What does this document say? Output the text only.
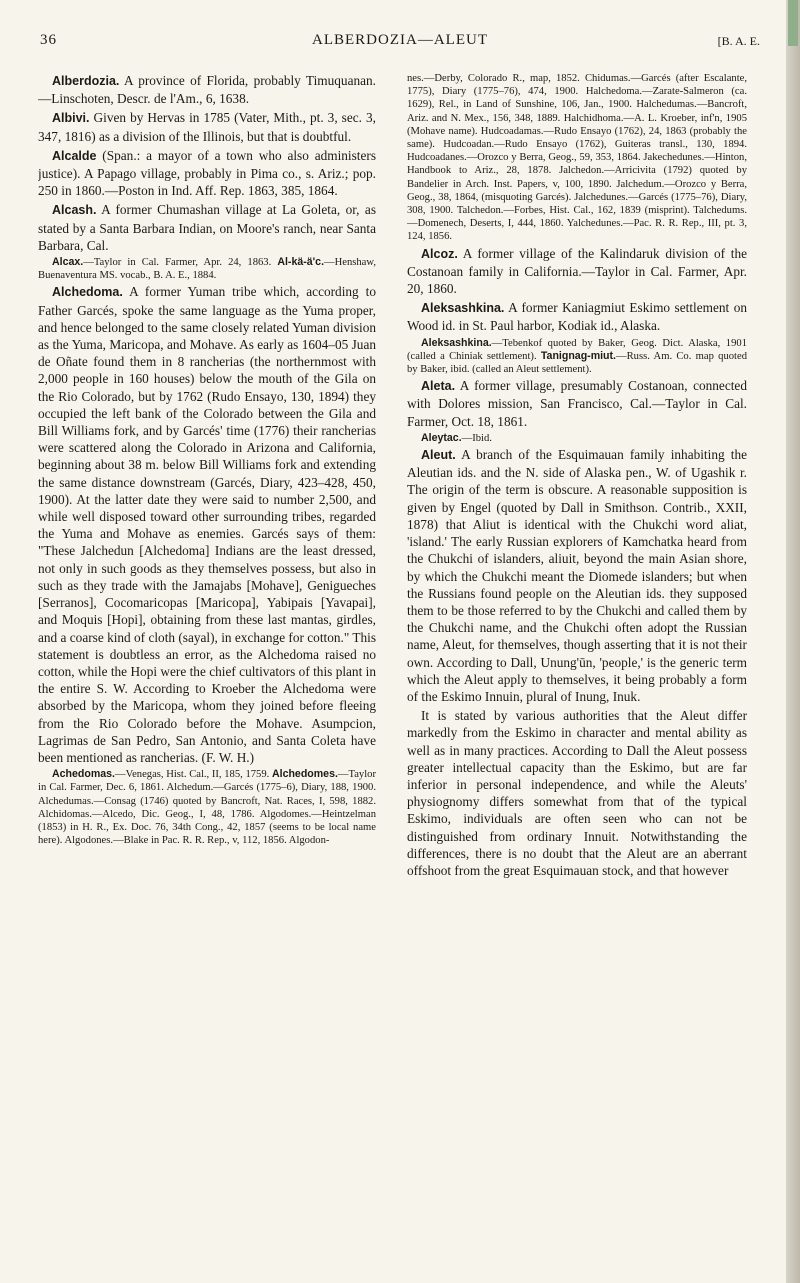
36	ALBERDOZIA—ALEUT	[B. A. E.

Alberdozia. A province of Florida, probably Timuquanan.—Linschoten, Descr. de l'Am., 6, 1638.

Albivi. Given by Hervas in 1785 (Vater, Mith., pt. 3, sec. 3, 347, 1816) as a division of the Illinois, but that is doubtful.

Alcalde (Span.: a mayor of a town who also administers justice). A Papago village, probably in Pima co., s. Ariz.; pop. 250 in 1860.—Poston in Ind. Aff. Rep. 1863, 385, 1864.

Alcash. A former Chumashan village at La Goleta, or, as stated by a Santa Barbara Indian, on Moore's ranch, near Santa Barbara, Cal.

Alcax.—Taylor in Cal. Farmer, Apr. 24, 1863. Al-kä-ä'c.—Henshaw, Buenaventura MS. vocab., B. A. E., 1884.

Alchedoma. A former Yuman tribe which, according to Father Garcés, spoke the same language as the Yuma proper, and hence belonged to the same closely related Yuman division as the Yuma, Maricopa, and Mohave. As early as 1604–05 Juan de Oñate found them in 8 rancherias (the northernmost with 2,000 people in 160 houses) below the mouth of the Gila on the Rio Colorado, but by 1762 (Rudo Ensayo, 130, 1894) they occupied the left bank of the Colorado between the Gila and Bill Williams fork, and by Garcés' time (1776) their rancherias were scattered along the Colorado in Arizona and California, beginning about 38 m. below Bill Williams fork and extending the same distance downstream (Garcés, Diary, 423–428, 450, 1900). At the latter date they were said to number 2,500, and while well disposed toward other surrounding tribes, regarded the Yuma and Mohave as enemies. Garcés says of them: "These Jalchedun [Alchedoma] Indians are the least dressed, not only in such goods as they themselves possess, but also in such as they trade with the Jamajabs [Mohave], Genigueches [Serranos], Cocomaricopas [Maricopa], Yabipais [Yavapai], and Moquis [Hopi], obtaining from these last mantas, girdles, and a coarse kind of cloth (sayal), in exchange for cotton." This statement is doubtless an error, as the Alchedoma raised no cotton, while the Hopi were the chief cultivators of this plant in the entire S. W. According to Kroeber the Alchedoma were absorbed by the Maricopa, whom they joined before fleeing from the Rio Colorado before the Mohave. Asumpcion, Lagrimas de San Pedro, San Antonio, and Santa Coleta have been mentioned as rancherias. (F. W. H.)

Achedomas.—Venegas, Hist. Cal., II, 185, 1759. Alchedomes.—Taylor in Cal. Farmer, Dec. 6, 1861. Alchedum.—Garcés (1775–6), Diary, 188, 1900. Alchedumas.—Consag (1746) quoted by Bancroft, Nat. Races, I, 598, 1882. Alchidomas.—Alcedo, Dic. Geog., I, 48, 1786. Algodomes.—Heintzelman (1853) in H. R., Ex. Doc. 76, 34th Cong., 42, 1857 (seems to be local name here). Algodones.—Blake in Pac. R. R. Rep., v, 112, 1856. Algodon-

nes.—Derby, Colorado R., map, 1852. Chidumas.—Garcés (after Escalante, 1775), Diary (1775–76), 474, 1900. Halchedoma.—Zarate-Salmeron (ca. 1629), Rel., in Land of Sunshine, 106, Jan., 1900. Halchedumas.—Bancroft, Ariz. and N. Mex., 156, 348, 1889. Halchidhoma.—A. L. Kroeber, inf'n, 1905 (Mohave name). Hudcoadamas.—Rudo Ensayo (1762), 24, 1863 (probably the same). Hudcoadan.—Rudo Ensayo (1762), Guiteras transl., 130, 1894. Hudcoadanes.—Orozco y Berra, Geog., 59, 353, 1864. Jakechedunes.—Hinton, Handbook to Ariz., 28, 1878. Jalchedon.—Arricivita (1792) quoted by Bandelier in Arch. Inst. Papers, v, 100, 1890. Jalchedum.—Orozco y Berra, Geog., 38, 1864, (misquoting Garcés). Jalchedunes.—Garcés (1775–76), Diary, 308, 1900. Talchedon.—Forbes, Hist. Cal., 162, 1839 (misprint). Talchedums.—Domenech, Deserts, I, 444, 1860. Yalchedunes.—Pac. R. R. Rep., III, pt. 3, 124, 1856.

Alcoz. A former village of the Kalindaruk division of the Costanoan family in California.—Taylor in Cal. Farmer, Apr. 20, 1860.

Aleksashkina. A former Kaniagmiut Eskimo settlement on Wood id. in St. Paul harbor, Kodiak id., Alaska.

Aleksashkina.—Tebenkof quoted by Baker, Geog. Dict. Alaska, 1901 (called a Chiniak settlement). Tanignag-miut.—Russ. Am. Co. map quoted by Baker, ibid. (called an Aleut settlement).

Aleta. A former village, presumably Costanoan, connected with Dolores mission, San Francisco, Cal.—Taylor in Cal. Farmer, Oct. 18, 1861.

Aleytac.—Ibid.

Aleut. A branch of the Esquimauan family inhabiting the Aleutian ids. and the N. side of Alaska pen., W. of Ugashik r. The origin of the term is obscure. A reasonable supposition is given by Engel (quoted by Dall in Smithson. Contrib., XXII, 1878) that Aliut is identical with the Chukchi word aliat, 'island.' The early Russian explorers of Kamchatka heard from the Chukchi of islanders, aliuit, beyond the main Asian shore, by which the Chukchi meant the Diomede islanders; but when the Russians found people on the Aleutian ids. they supposed them to be those referred to by the Chukchi and called them by the Chukchi name, and the Chukchi often adopt the Russian name, Aleut, for themselves, though asserting that it is not their own. According to Dall, Unung'ūn, 'people,' is the generic term which the Aleut apply to themselves, it being probably a form of the Eskimo Innuin, plural of Inung, Inuk.

It is stated by various authorities that the Aleut differ markedly from the Eskimo in character and mental ability as well as in many practices. According to Dall the Aleut possess greater intellectual capacity than the Eskimo, but are far inferior in personal independence, and while the Aleuts' physiognomy differs somewhat from that of the typical Eskimo, individuals are often seen who can not be distinguished from ordinary Innuit. Notwithstanding the differences, there is no doubt that the Aleut are an aberrant offshoot from the great Esquimauan stock, and that however
